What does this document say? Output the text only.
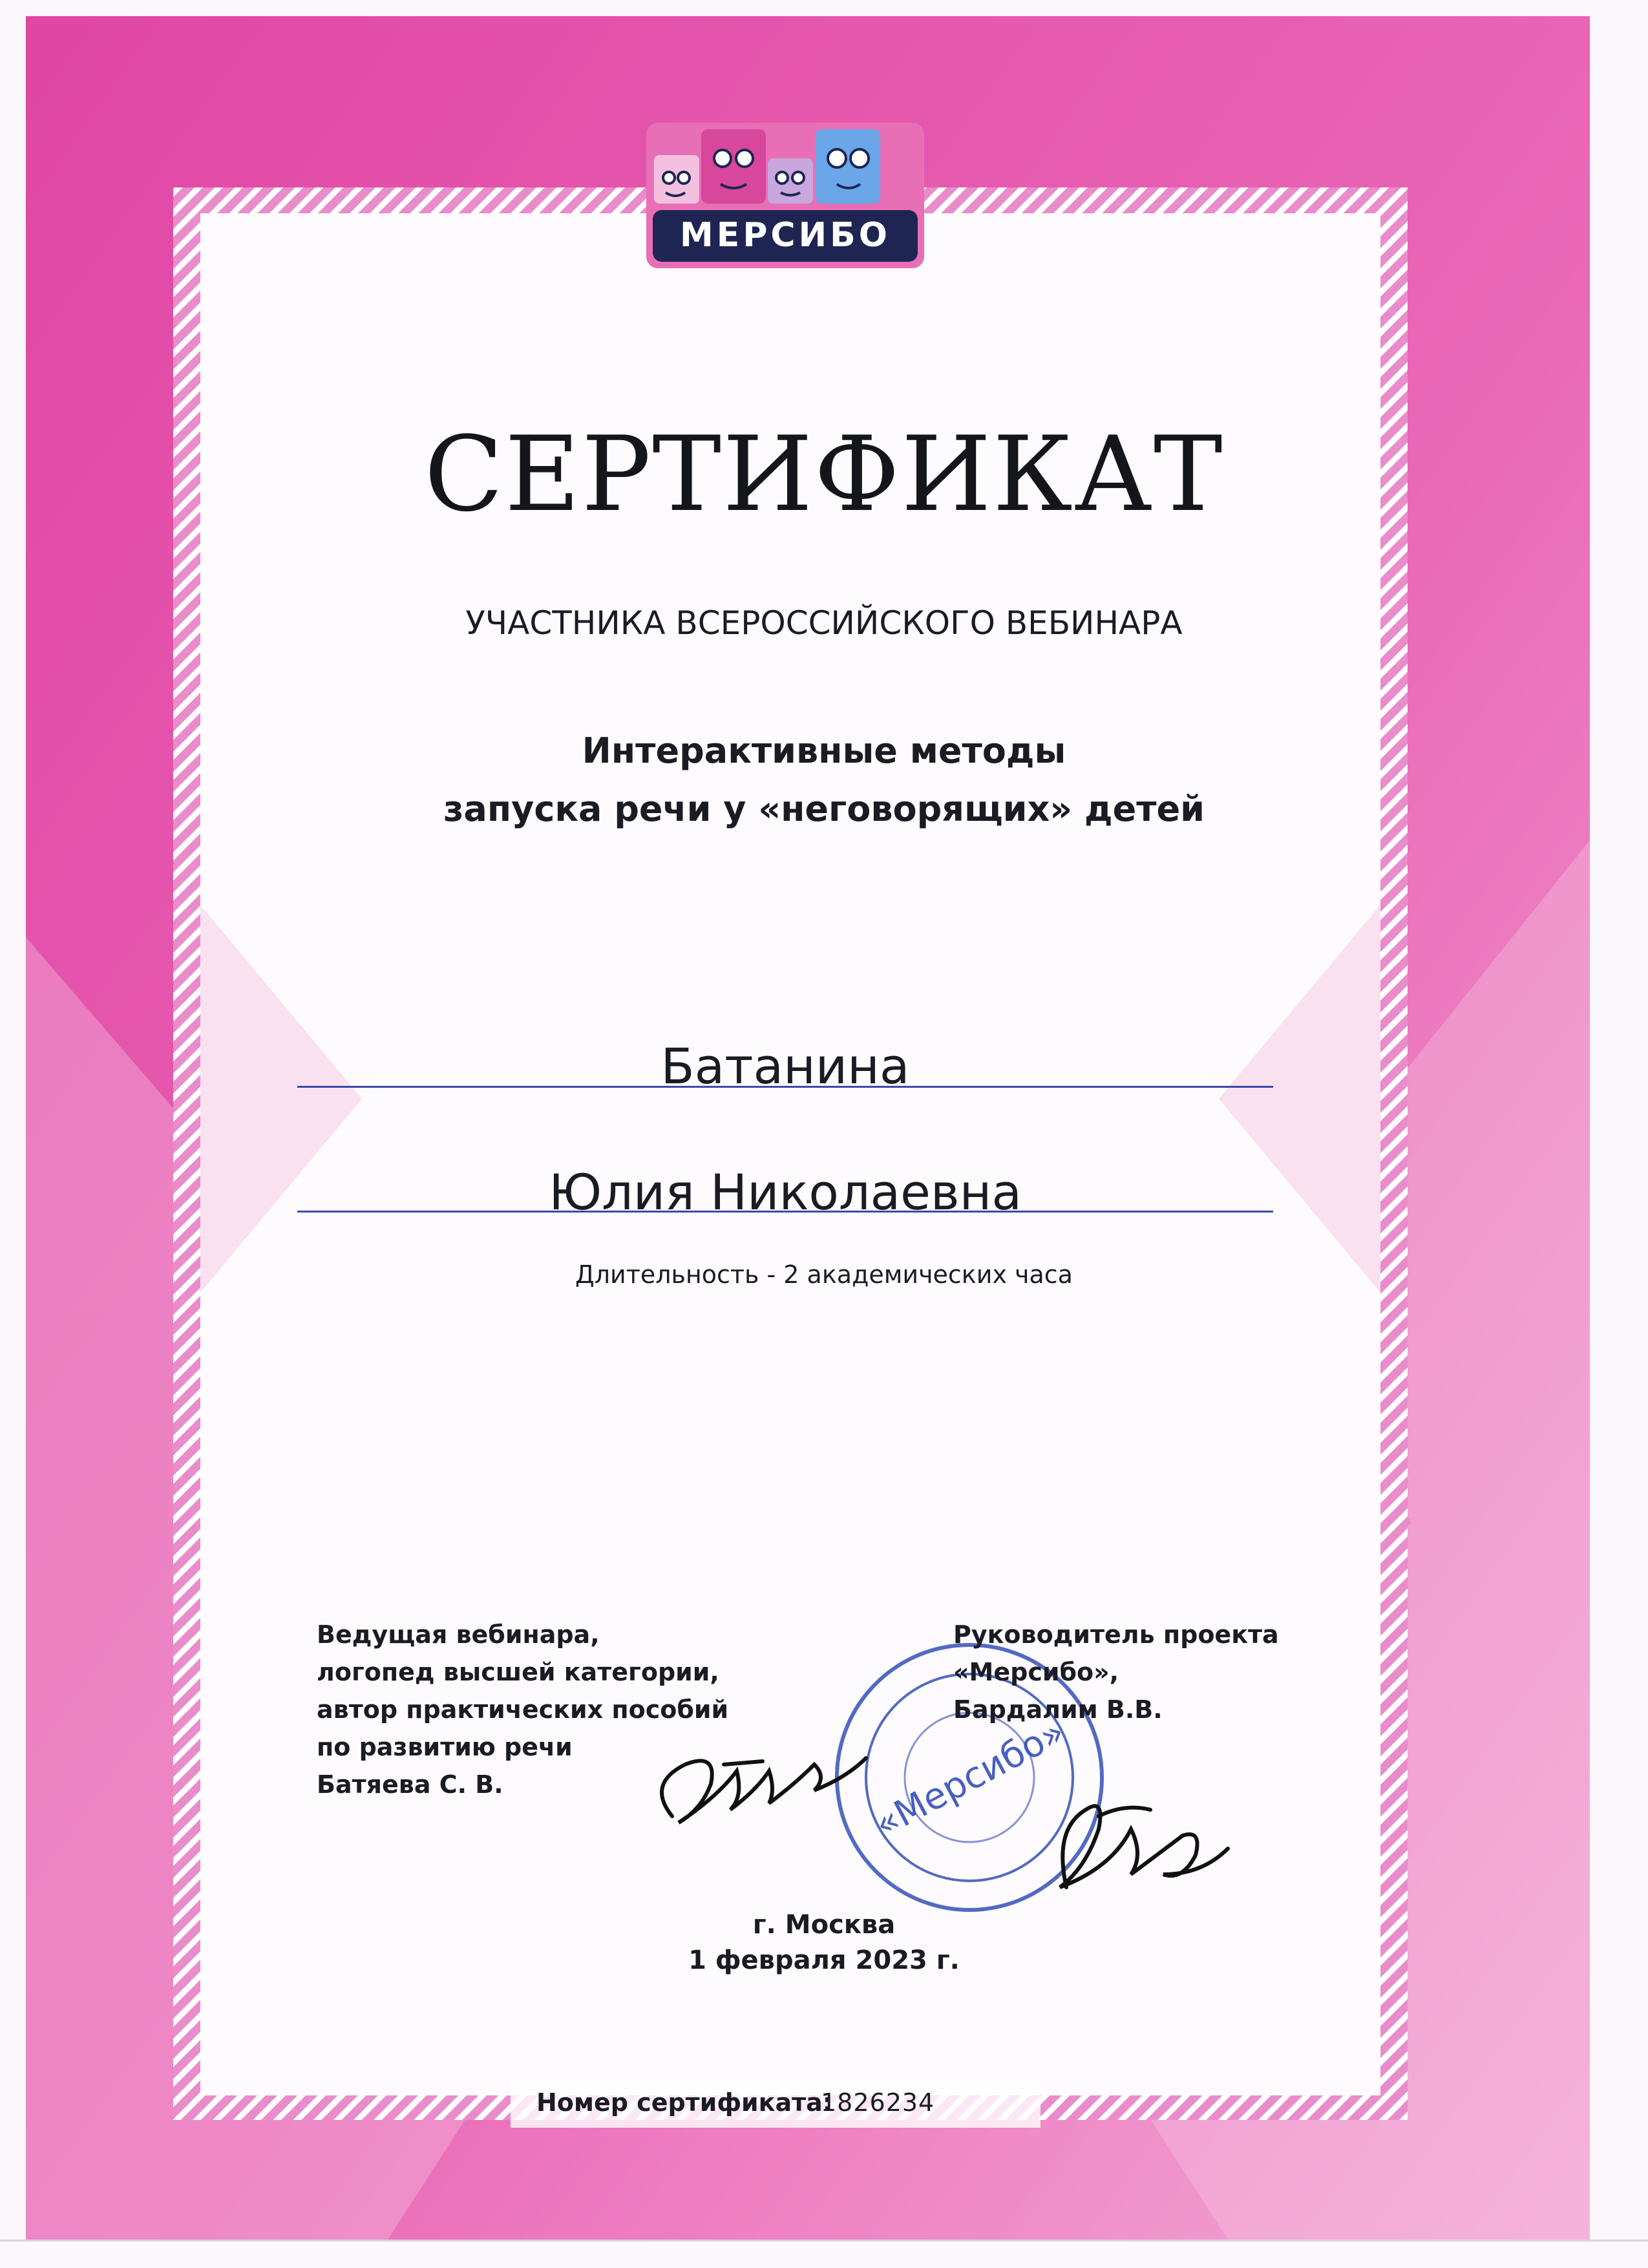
«Мерсибо»
МЕРСИБО
СЕРТИФИКАТ
УЧАСТНИКА ВСЕРОССИЙСКОГО ВЕБИНАРА
Интерактивные методы
запуска речи у «неговорящих» детей
Батанина
Юлия Николаевна
Длительность - 2 академических часа
Ведущая вебинара,
логопед высшей категории,
автор практических пособий
по развитию речи
Батяева С. В.
Руководитель проекта
«Мерсибо»,
Бардалим В.В.
г. Москва
1 февраля 2023 г.
Номер сертификата:
1826234
